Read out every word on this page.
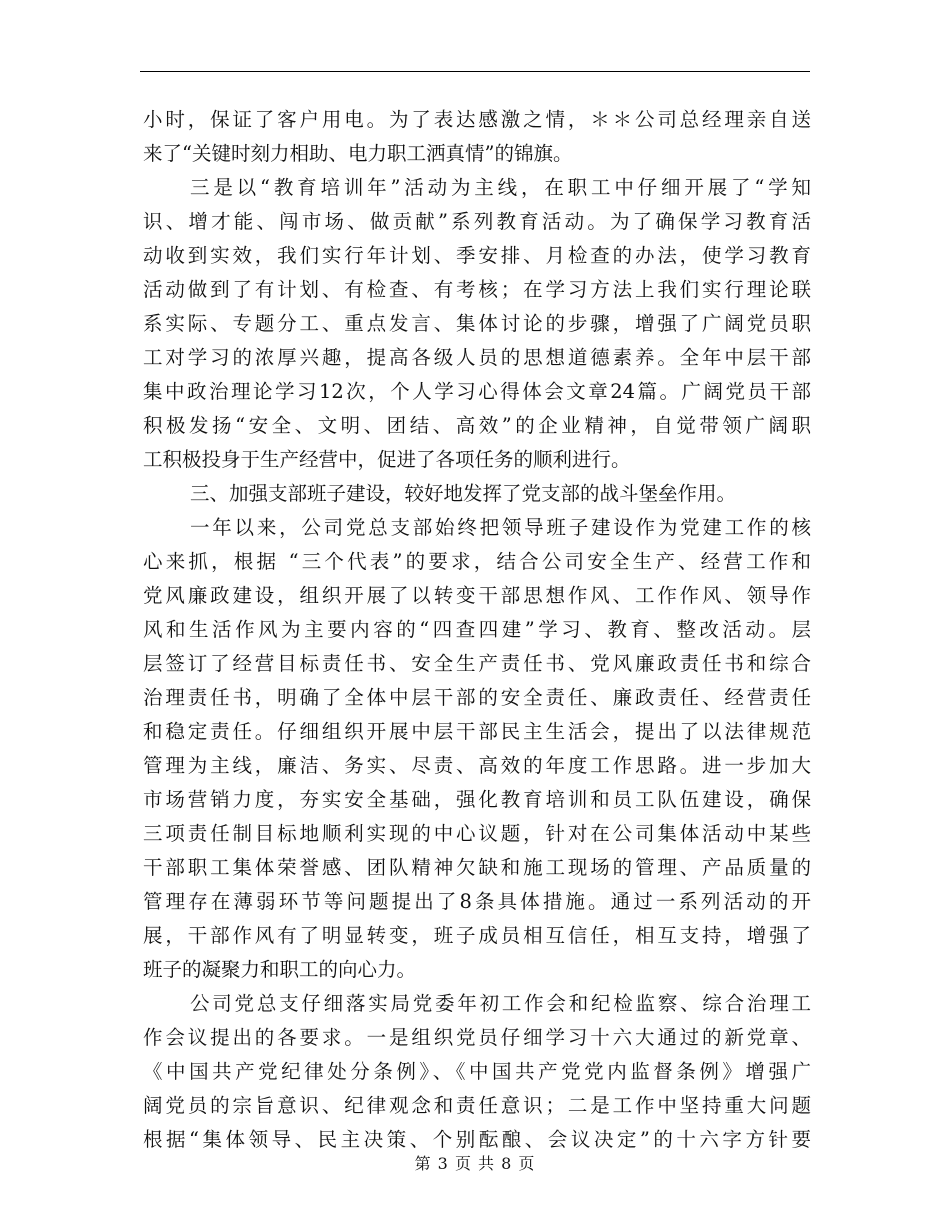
小时，保证了客户用电。为了表达感激之情，＊＊公司总经理亲自送
来了“关键时刻力相助、电力职工洒真情”的锦旗。
三是以“教育培训年”活动为主线，在职工中仔细开展了“学知
识、增才能、闯市场、做贡献”系列教育活动。为了确保学习教育活
动收到实效，我们实行年计划、季安排、月检查的办法，使学习教育
活动做到了有计划、有检查、有考核；在学习方法上我们实行理论联
系实际、专题分工、重点发言、集体讨论的步骤，增强了广阔党员职
工对学习的浓厚兴趣，提高各级人员的思想道德素养。全年中层干部
集中政治理论学习12次，个人学习心得体会文章24篇。广阔党员干部
积极发扬“安全、文明、团结、高效”的企业精神，自觉带领广阔职
工积极投身于生产经营中，促进了各项任务的顺利进行。
三、加强支部班子建设，较好地发挥了党支部的战斗堡垒作用。
一年以来，公司党总支部始终把领导班子建设作为党建工作的核
心来抓，根据 “三个代表”的要求，结合公司安全生产、经营工作和
党风廉政建设，组织开展了以转变干部思想作风、工作作风、领导作
风和生活作风为主要内容的“四查四建”学习、教育、整改活动。层
层签订了经营目标责任书、安全生产责任书、党风廉政责任书和综合
治理责任书，明确了全体中层干部的安全责任、廉政责任、经营责任
和稳定责任。仔细组织开展中层干部民主生活会，提出了以法律规范
管理为主线，廉洁、务实、尽责、高效的年度工作思路。进一步加大
市场营销力度，夯实安全基础，强化教育培训和员工队伍建设，确保
三项责任制目标地顺利实现的中心议题，针对在公司集体活动中某些
干部职工集体荣誉感、团队精神欠缺和施工现场的管理、产品质量的
管理存在薄弱环节等问题提出了8条具体措施。通过一系列活动的开
展，干部作风有了明显转变，班子成员相互信任，相互支持，增强了
班子的凝聚力和职工的向心力。
公司党总支仔细落实局党委年初工作会和纪检监察、综合治理工
作会议提出的各要求。一是组织党员仔细学习十六大通过的新党章、
《中国共产党纪律处分条例》、《中国共产党党内监督条例》增强广
阔党员的宗旨意识、纪律观念和责任意识；二是工作中坚持重大问题
根据“集体领导、民主决策、个别酝酿、会议决定”的十六字方针要
第 3 页 共 8 页
